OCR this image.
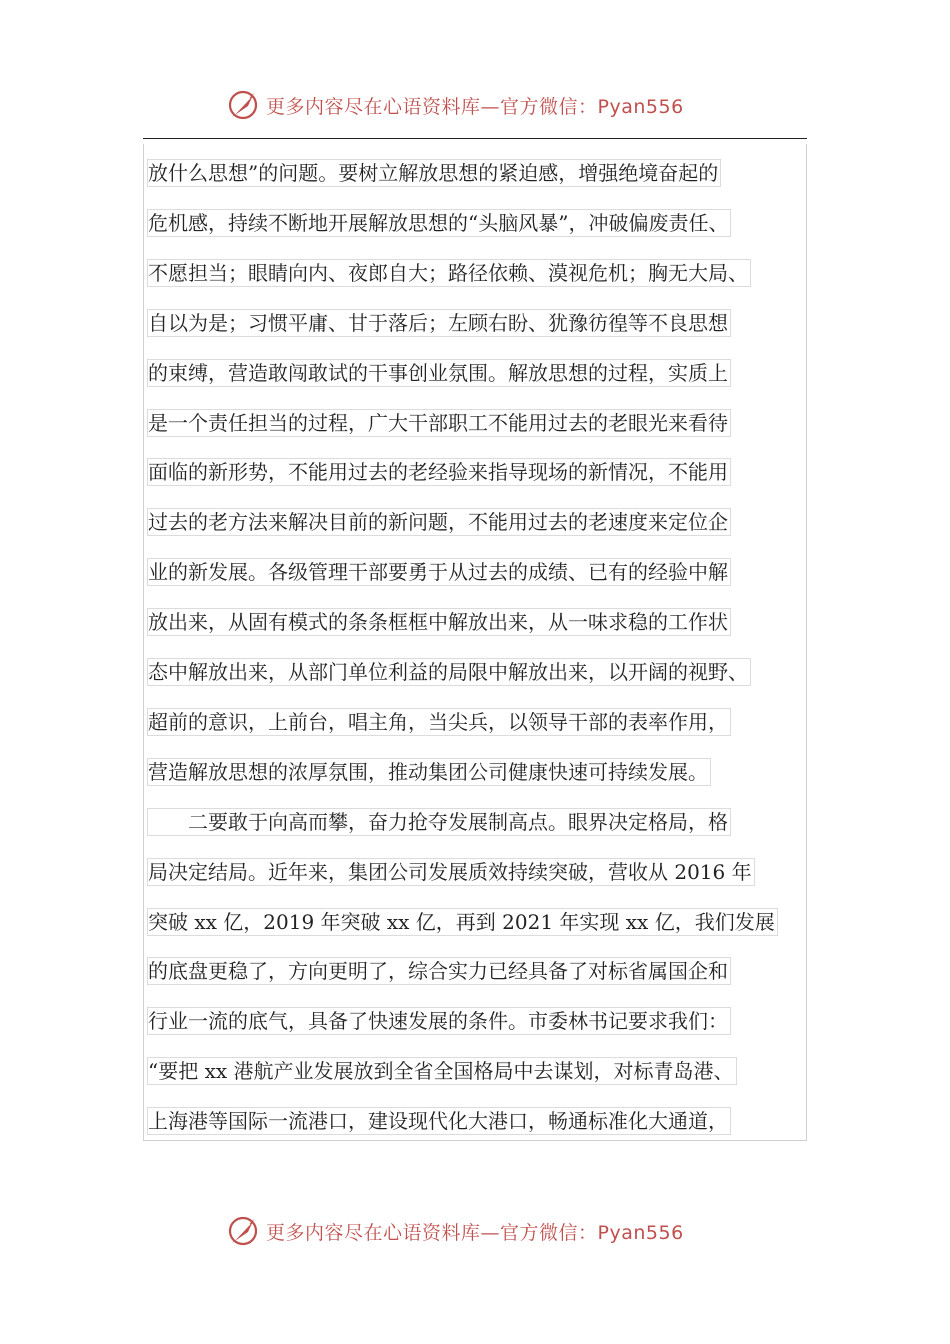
更多内容尽在心语资料库—官方微信：Pyan556
放什么思想”的问题。要树立解放思想的紧迫感，增强绝境奋起的
危机感，持续不断地开展解放思想的“头脑风暴”，冲破偏废责任、
不愿担当；眼睛向内、夜郎自大；路径依赖、漠视危机；胸无大局、
自以为是；习惯平庸、甘于落后；左顾右盼、犹豫彷徨等不良思想
的束缚，营造敢闯敢试的干事创业氛围。解放思想的过程，实质上
是一个责任担当的过程，广大干部职工不能用过去的老眼光来看待
面临的新形势，不能用过去的老经验来指导现场的新情况，不能用
过去的老方法来解决目前的新问题，不能用过去的老速度来定位企
业的新发展。各级管理干部要勇于从过去的成绩、已有的经验中解
放出来，从固有模式的条条框框中解放出来，从一味求稳的工作状
态中解放出来，从部门单位利益的局限中解放出来，以开阔的视野、
超前的意识，上前台，唱主角，当尖兵，以领导干部的表率作用，
营造解放思想的浓厚氛围，推动集团公司健康快速可持续发展。
　　二要敢于向高而攀，奋力抢夺发展制高点。眼界决定格局，格
局决定结局。近年来，集团公司发展质效持续突破，营收从 2016 年
突破 xx 亿，2019 年突破 xx 亿，再到 2021 年实现 xx 亿，我们发展
的底盘更稳了，方向更明了，综合实力已经具备了对标省属国企和
行业一流的底气，具备了快速发展的条件。市委林书记要求我们：
“要把 xx 港航产业发展放到全省全国格局中去谋划，对标青岛港、
上海港等国际一流港口，建设现代化大港口，畅通标准化大通道，
更多内容尽在心语资料库—官方微信：Pyan556
